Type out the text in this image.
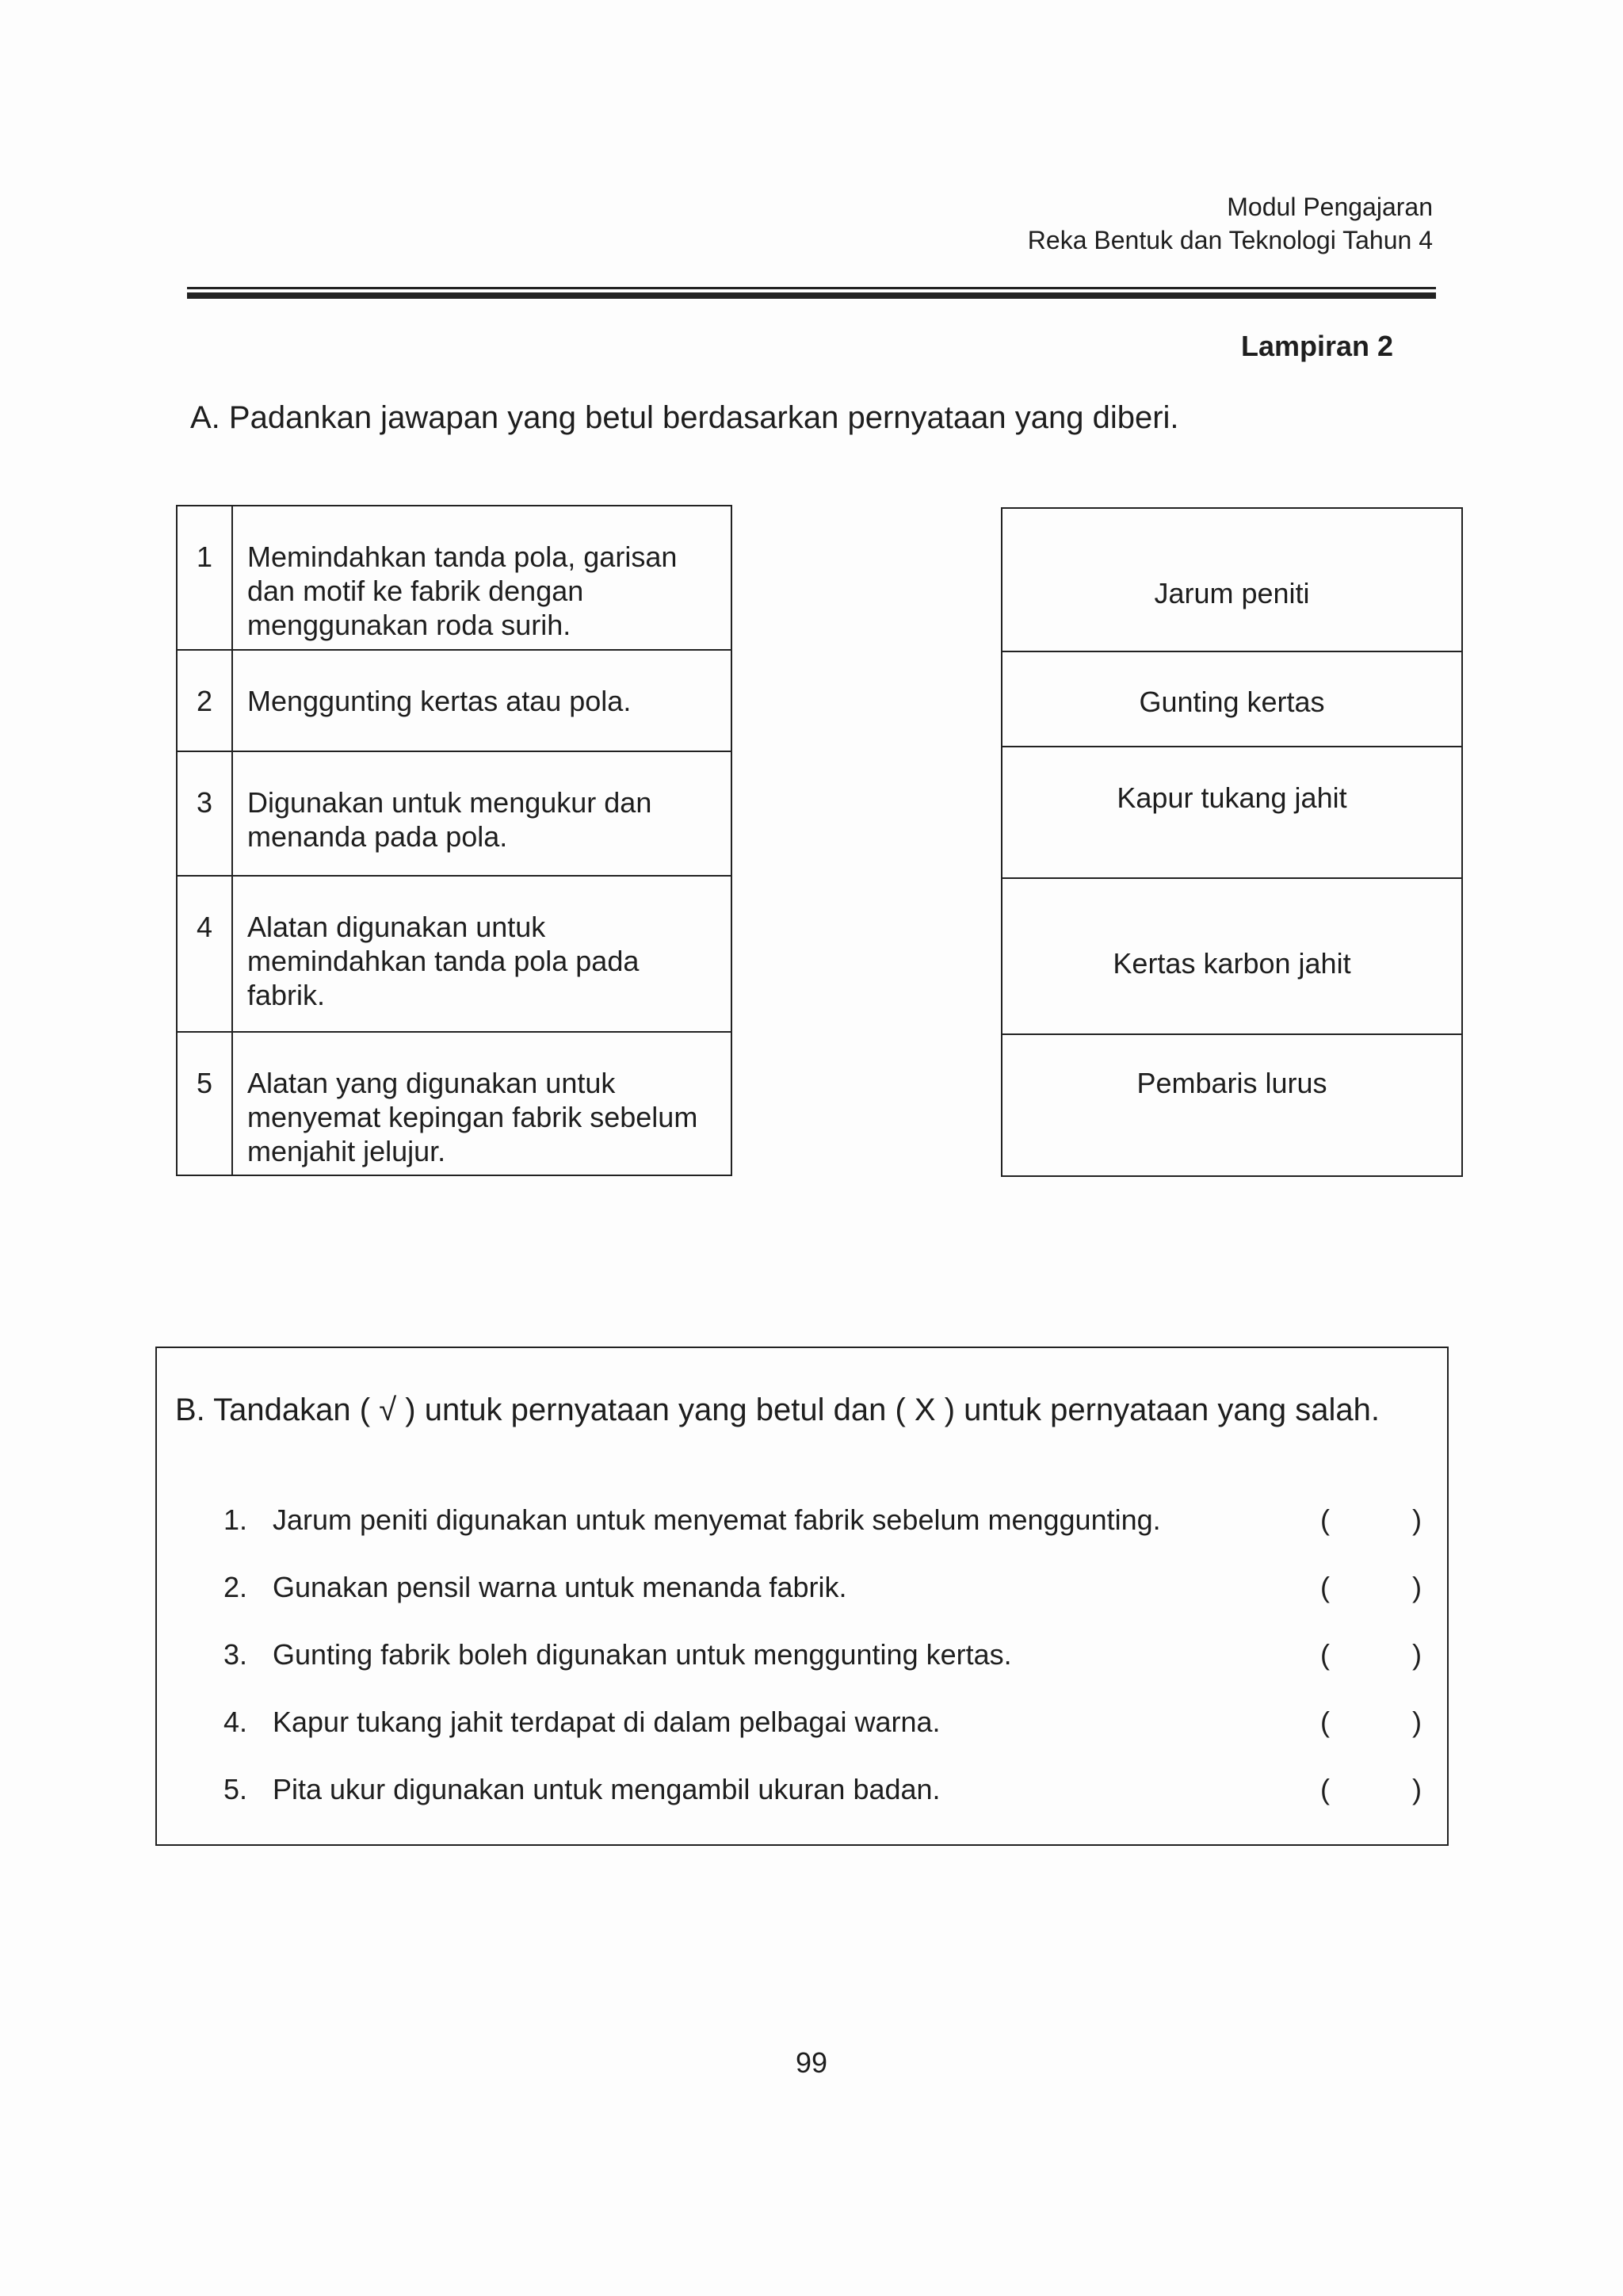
Modul Pengajaran
Reka Bentuk dan Teknologi Tahun 4
Lampiran 2
A. Padankan jawapan yang betul berdasarkan pernyataan yang diberi.
1	Memindahkan tanda pola, garisan dan motif ke fabrik dengan menggunakan roda surih.
2	Menggunting kertas atau pola.
3	Digunakan untuk mengukur dan menanda pada pola.
4	Alatan digunakan untuk memindahkan tanda pola pada fabrik.
5	Alatan yang digunakan untuk menyemat kepingan fabrik sebelum menjahit jelujur.
Jarum peniti
Gunting kertas
Kapur tukang jahit
Kertas karbon jahit
Pembaris lurus
B. Tandakan ( √ ) untuk pernyataan yang betul dan ( X ) untuk pernyataan yang salah.
1. Jarum peniti digunakan untuk menyemat fabrik sebelum menggunting.	(	)
2. Gunakan pensil warna untuk menanda fabrik.	(	)
3. Gunting fabrik boleh digunakan untuk menggunting kertas.	(	)
4. Kapur tukang jahit terdapat di dalam pelbagai warna.	(	)
5. Pita ukur digunakan untuk mengambil ukuran badan.	(	)
99
